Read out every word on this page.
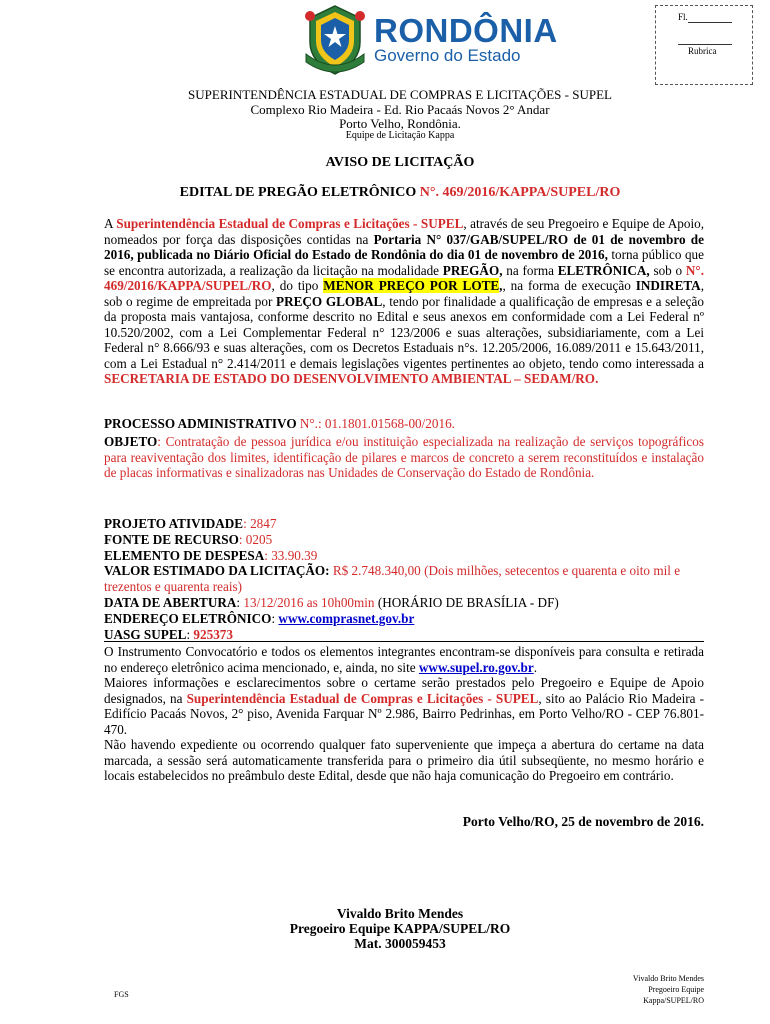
RONDÔNIA
Governo do Estado
Fl.
Rubrica
SUPERINTENDÊNCIA ESTADUAL DE COMPRAS E LICITAÇÕES - SUPEL
Complexo Rio Madeira - Ed. Rio Pacaás Novos 2° Andar
Porto Velho, Rondônia.
Equipe de Licitação Kappa
AVISO DE LICITAÇÃO
EDITAL DE PREGÃO ELETRÔNICO N°. 469/2016/KAPPA/SUPEL/RO
A Superintendência Estadual de Compras e Licitações - SUPEL, através de seu Pregoeiro e Equipe de Apoio, nomeados por força das disposições contidas na Portaria N° 037/GAB/SUPEL/RO de 01 de novembro de 2016, publicada no Diário Oficial do Estado de Rondônia do dia 01 de novembro de 2016, torna público que se encontra autorizada, a realização da licitação na modalidade PREGÃO, na forma ELETRÔNICA, sob o N°. 469/2016/KAPPA/SUPEL/RO, do tipo MENOR PREÇO POR LOTE,, na forma de execução INDIRETA, sob o regime de empreitada por PREÇO GLOBAL, tendo por finalidade a qualificação de empresas e a seleção da proposta mais vantajosa, conforme descrito no Edital e seus anexos em conformidade com a Lei Federal nº 10.520/2002, com a Lei Complementar Federal n° 123/2006 e suas alterações, subsidiariamente, com a Lei Federal n° 8.666/93 e suas alterações, com os Decretos Estaduais n°s. 12.205/2006, 16.089/2011 e 15.643/2011, com a Lei Estadual n° 2.414/2011 e demais legislações vigentes pertinentes ao objeto, tendo como interessada a SECRETARIA DE ESTADO DO DESENVOLVIMENTO AMBIENTAL – SEDAM/RO.
PROCESSO ADMINISTRATIVO N°.: 01.1801.01568-00/2016.
OBJETO: Contratação de pessoa jurídica e/ou instituição especializada na realização de serviços topográficos para reaviventação dos limites, identificação de pilares e marcos de concreto a serem reconstituídos e instalação de placas informativas e sinalizadoras nas Unidades de Conservação do Estado de Rondônia.
PROJETO ATIVIDADE: 2847
FONTE DE RECURSO: 0205
ELEMENTO DE DESPESA: 33.90.39
VALOR ESTIMADO DA LICITAÇÃO: R$ 2.748.340,00 (Dois milhões, setecentos e quarenta e oito mil e trezentos e quarenta reais)
DATA DE ABERTURA: 13/12/2016 as 10h00min (HORÁRIO DE BRASÍLIA - DF)
ENDEREÇO ELETRÔNICO: www.comprasnet.gov.br
UASG SUPEL: 925373
O Instrumento Convocatório e todos os elementos integrantes encontram-se disponíveis para consulta e retirada no endereço eletrônico acima mencionado, e, ainda, no site www.supel.ro.gov.br.
Maiores informações e esclarecimentos sobre o certame serão prestados pelo Pregoeiro e Equipe de Apoio designados, na Superintendência Estadual de Compras e Licitações - SUPEL, sito ao Palácio Rio Madeira - Edifício Pacaás Novos, 2° piso, Avenida Farquar Nº 2.986, Bairro Pedrinhas, em Porto Velho/RO - CEP 76.801-470.
Não havendo expediente ou ocorrendo qualquer fato superveniente que impeça a abertura do certame na data marcada, a sessão será automaticamente transferida para o primeiro dia útil subseqüente, no mesmo horário e locais estabelecidos no preâmbulo deste Edital, desde que não haja comunicação do Pregoeiro em contrário.
Porto Velho/RO, 25 de novembro de 2016.
Vivaldo Brito Mendes
Pregoeiro Equipe KAPPA/SUPEL/RO
Mat. 300059453
FGS
Vivaldo Brito Mendes
Pregoeiro Equipe
Kappa/SUPEL/RO
